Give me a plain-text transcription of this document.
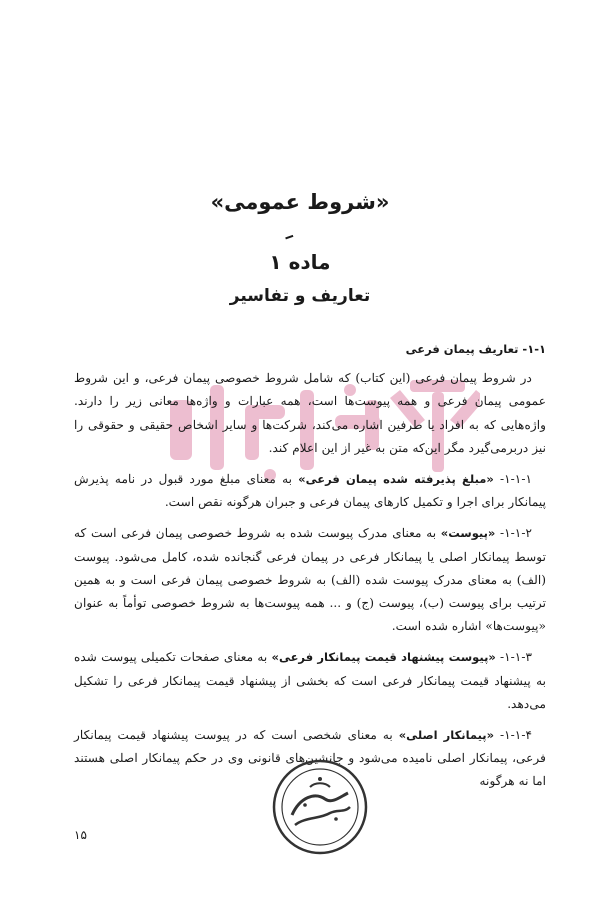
«شروط عمومی»
ماده ۱
تعاریف و تفاسیر

۱-۱- تعاریف پیمان فرعی

در شروط پیمان فرعی (این کتاب) که شامل شروط خصوصی پیمان فرعی، و این شروط عمومی پیمان فرعی و همه پیوست‌ها است، همه عبارات و واژه‌ها معانی زیر را دارند. واژه‌هایی که به افراد یا طرفین اشاره می‌کند، شرکت‌ها و سایر اشخاص حقیقی و حقوقی را نیز دربرمی‌گیرد مگر این‌که متن به غیر از این اعلام کند.

۱-۱-۱- «مبلغ پذیرفته شده پیمان فرعی» به معنای مبلغ مورد قبول در نامه پذیرش پیمانکار برای اجرا و تکمیل کارهای پیمان فرعی و جبران هرگونه نقص است.

۱-۱-۲- «پیوست» به معنای مدرک پیوست شده به شروط خصوصی پیمان فرعی است که توسط پیمانکار اصلی یا پیمانکار فرعی در پیمان فرعی گنجانده شده، کامل می‌شود. پیوست (الف) به معنای مدرک پیوست شده (الف) به شروط خصوصی پیمان فرعی است و به همین ترتیب برای پیوست (ب)، پیوست (ج) و ... همه پیوست‌ها به شروط خصوصی توأماً به عنوان «پیوست‌ها» اشاره شده است.

۱-۱-۳- «پیوست پیشنهاد قیمت پیمانکار فرعی» به معنای صفحات تکمیلی پیوست شده به پیشنهاد قیمت پیمانکار فرعی است که بخشی از پیشنهاد قیمت پیمانکار فرعی را تشکیل می‌دهد.

۱-۱-۴- «پیمانکار اصلی» به معنای شخصی است که در پیوست پیشنهاد قیمت پیمانکار فرعی، پیمانکار اصلی نامیده می‌شود و جانشین‌های قانونی وی در حکم پیمانکار اصلی هستند اما نه هرگونه

۱۵
